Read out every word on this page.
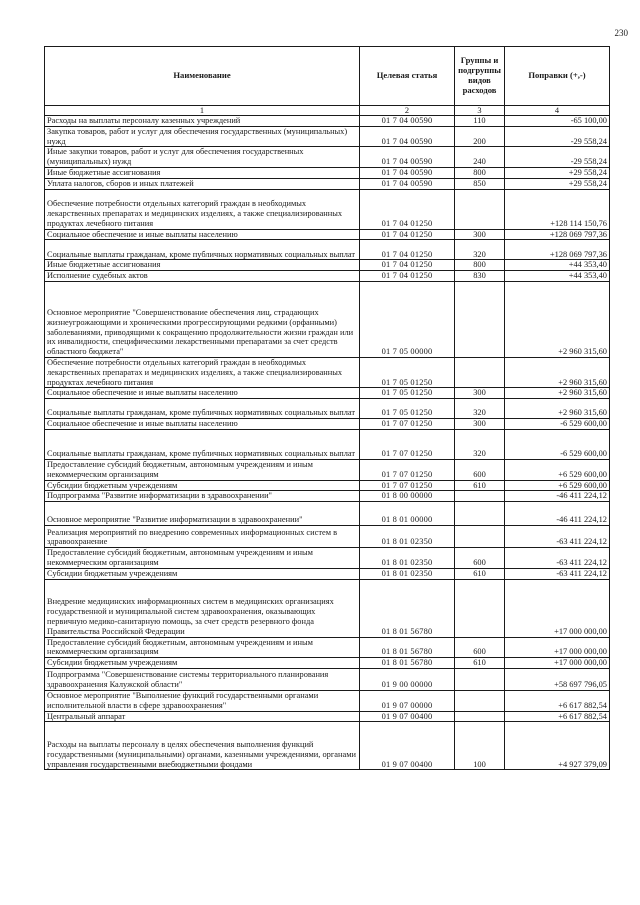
230
Наименование	Целевая статья	Группы и подгруппы видов расходов	Поправки (+,-)
1	2	3	4
Расходы на выплаты персоналу казенных учреждений	01 7 04 00590	110	-65 100,00
Закупка товаров, работ и услуг для обеспечения государственных (муниципальных) нужд	01 7 04 00590	200	-29 558,24
Иные закупки товаров, работ и услуг для обеспечения государственных (муниципальных) нужд	01 7 04 00590	240	-29 558,24
Иные бюджетные ассигнования	01 7 04 00590	800	+29 558,24
Уплата налогов, сборов и иных платежей	01 7 04 00590	850	+29 558,24
Обеспечение потребности отдельных категорий граждан в необходимых лекарственных препаратах и медицинских изделиях, а также специализированных продуктах лечебного питания	01 7 04 01250		+128 114 150,76
Социальное обеспечение и иные выплаты населению	01 7 04 01250	300	+128 069 797,36
Социальные выплаты гражданам, кроме публичных нормативных социальных выплат	01 7 04 01250	320	+128 069 797,36
Иные бюджетные ассигнования	01 7 04 01250	800	+44 353,40
Исполнение судебных актов	01 7 04 01250	830	+44 353,40
Основное мероприятие "Совершенствование обеспечения лиц, страдающих жизнеугрожающими и хроническими прогрессирующими редкими (орфанными) заболеваниями, приводящими к сокращению продолжительности жизни граждан или их инвалидности, специфическими лекарственными препаратами за счет средств областного бюджета"	01 7 05 00000		+2 960 315,60
Обеспечение потребности отдельных категорий граждан в необходимых лекарственных препаратах и медицинских изделиях, а также специализированных продуктах лечебного питания	01 7 05 01250		+2 960 315,60
Социальное обеспечение и иные выплаты населению	01 7 05 01250	300	+2 960 315,60
Социальные выплаты гражданам, кроме публичных нормативных социальных выплат	01 7 05 01250	320	+2 960 315,60
Социальное обеспечение и иные выплаты населению	01 7 07 01250	300	-6 529 600,00
Социальные выплаты гражданам, кроме публичных нормативных социальных выплат	01 7 07 01250	320	-6 529 600,00
Предоставление субсидий бюджетным, автономным учреждениям и иным некоммерческим организациям	01 7 07 01250	600	+6 529 600,00
Субсидии бюджетным учреждениям	01 7 07 01250	610	+6 529 600,00
Подпрограмма "Развитие информатизации в здравоохранении"	01 8 00 00000		-46 411 224,12
Основное мероприятие "Развитие информатизации в здравоохранении"	01 8 01 00000		-46 411 224,12
Реализация мероприятий по внедрению современных информационных систем в здравоохранение	01 8 01 02350		-63 411 224,12
Предоставление субсидий бюджетным, автономным учреждениям и иным некоммерческим организациям	01 8 01 02350	600	-63 411 224,12
Субсидии бюджетным учреждениям	01 8 01 02350	610	-63 411 224,12
Внедрение медицинских информационных систем в медицинских организациях государственной и муниципальной систем здравоохранения, оказывающих первичную медико-санитарную помощь, за счет средств резервного фонда Правительства Российской Федерации	01 8 01 56780		+17 000 000,00
Предоставление субсидий бюджетным, автономным учреждениям и иным некоммерческим организациям	01 8 01 56780	600	+17 000 000,00
Субсидии бюджетным учреждениям	01 8 01 56780	610	+17 000 000,00
Подпрограмма "Совершенствование системы территориального планирования здравоохранения Калужской области"	01 9 00 00000		+58 697 796,05
Основное мероприятие "Выполнение функций государственными органами исполнительной власти в сфере здравоохранения"	01 9 07 00000		+6 617 882,54
Центральный аппарат	01 9 07 00400		+6 617 882,54
Расходы на выплаты персоналу в целях обеспечения выполнения функций государственными (муниципальными) органами, казенными учреждениями, органами управления государственными внебюджетными фондами	01 9 07 00400	100	+4 927 379,09
